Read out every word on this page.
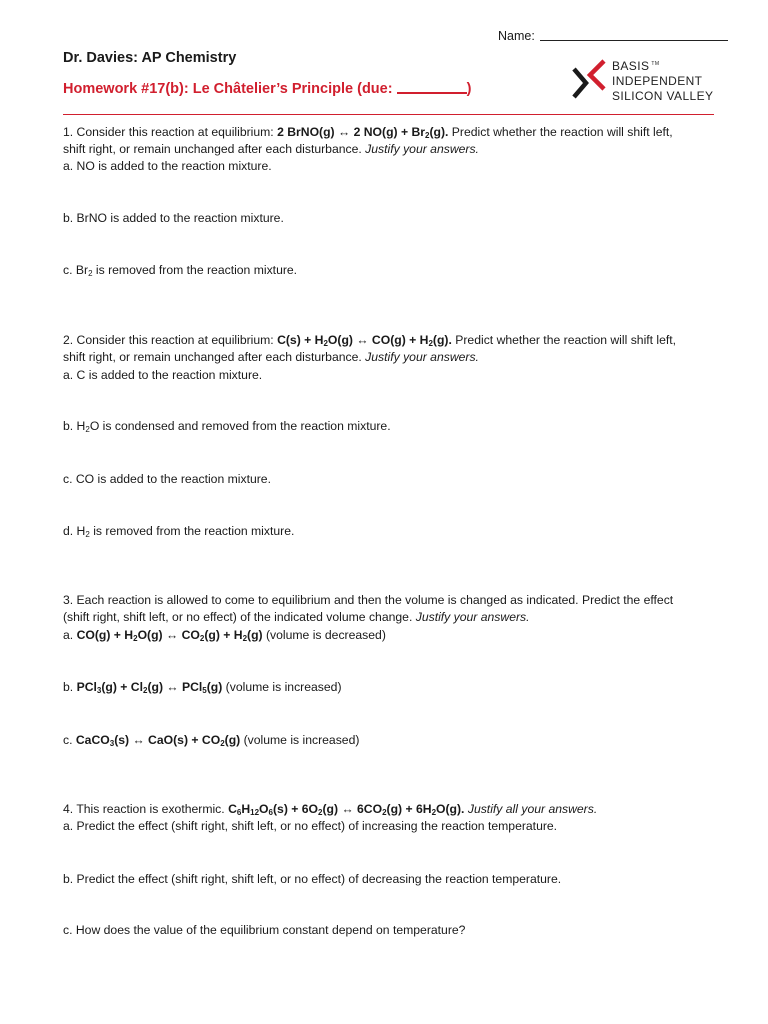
Name:
Dr. Davies: AP Chemistry
Homework #17(b): Le Châtelier’s Principle (due:	)
BASIS ™
INDEPENDENT
SILICON VALLEY
1. Consider this reaction at equilibrium: 2 BrNO(g) ↔ 2 $NO(g) + Br_2(g)$. Predict whether the reaction will shift left,
shift right, or remain unchanged after each disturbance. Justify your answers.
a. NO is added to the reaction mixture.
b. BrNO is added to the reaction mixture.
c. $Br_2$ is removed from the reaction mixture.
2. Consider this reaction at equilibrium: $C(s) + H_2O(g)$ ↔ $CO(g) + H_2(g)$. Predict whether the reaction will shift left,
shift right, or remain unchanged after each disturbance. Justify your answers.
a. C is added to the reaction mixture.
b. $H_2O$ is condensed and removed from the reaction mixture.
c. CO is added to the reaction mixture.
d. $H_2$ is removed from the reaction mixture.
3. Each reaction is allowed to come to equilibrium and then the volume is changed as indicated. Predict the effect
(shift right, shift left, or no effect) of the indicated volume change. Justify your answers.
a. $CO(g) + H_2O(g)$ ↔ $CO_2(g) + H_2(g)$ (volume is decreased)
b. $PCl_3(g) + Cl_2(g)$ ↔ PCl$_5$(g) (volume is increased)
c. CaCO$_3$(s) ↔ $CaO(s) + CO_2(g)$ (volume is increased)
4. This reaction is exothermic. $C_6H_{12}O_6(s) + 6O_2(g)$ ↔ $6CO_2(g) + 6H_2O(g)$. Justify all your answers.
a. Predict the effect (shift right, shift left, or no effect) of increasing the reaction temperature.
b. Predict the effect (shift right, shift left, or no effect) of decreasing the reaction temperature.
c. How does the value of the equilibrium constant depend on temperature?
